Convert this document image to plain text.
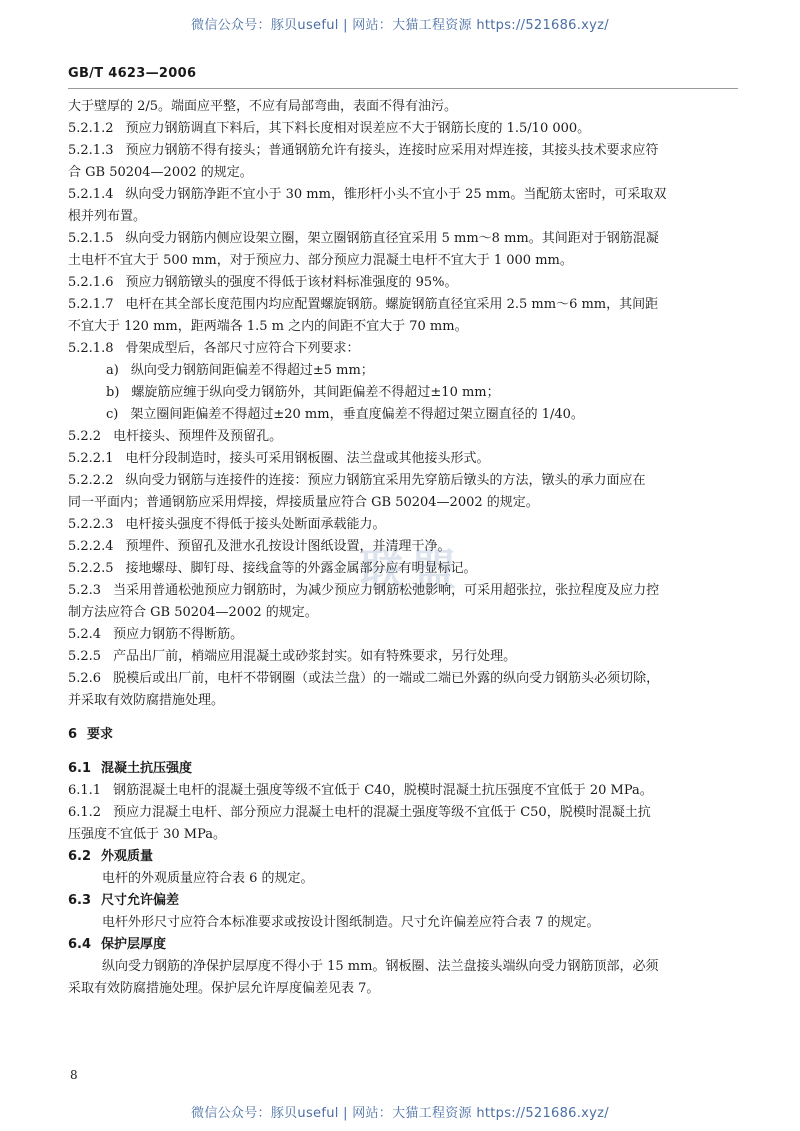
微信公众号：豚贝useful | 网站：大猫工程资源 https://521686.xyz/
GB/T 4623—2006
联盟
大于壁厚的 2/5。端面应平整，不应有局部弯曲，表面不得有油污。
5.2.1.2 预应力钢筋调直下料后，其下料长度相对误差应不大于钢筋长度的 1.5/10 000。
5.2.1.3 预应力钢筋不得有接头；普通钢筋允许有接头，连接时应采用对焊连接，其接头技术要求应符
合 GB 50204—2002 的规定。
5.2.1.4 纵向受力钢筋净距不宜小于 30 mm，锥形杆小头不宜小于 25 mm。当配筋太密时，可采取双
根并列布置。
5.2.1.5 纵向受力钢筋内侧应设架立圈，架立圈钢筋直径宜采用 5 mm～8 mm。其间距对于钢筋混凝
土电杆不宜大于 500 mm，对于预应力、部分预应力混凝土电杆不宜大于 1 000 mm。
5.2.1.6 预应力钢筋镦头的强度不得低于该材料标准强度的 95%。
5.2.1.7 电杆在其全部长度范围内均应配置螺旋钢筋。螺旋钢筋直径宜采用 2.5 mm～6 mm，其间距
不宜大于 120 mm，距两端各 1.5 m 之内的间距不宜大于 70 mm。
5.2.1.8 骨架成型后，各部尺寸应符合下列要求：
a) 纵向受力钢筋间距偏差不得超过±5 mm；
b) 螺旋筋应缠于纵向受力钢筋外，其间距偏差不得超过±10 mm；
c) 架立圈间距偏差不得超过±20 mm，垂直度偏差不得超过架立圈直径的 1/40。
5.2.2 电杆接头、预埋件及预留孔。
5.2.2.1 电杆分段制造时，接头可采用钢板圈、法兰盘或其他接头形式。
5.2.2.2 纵向受力钢筋与连接件的连接：预应力钢筋宜采用先穿筋后镦头的方法，镦头的承力面应在
同一平面内；普通钢筋应采用焊接，焊接质量应符合 GB 50204—2002 的规定。
5.2.2.3 电杆接头强度不得低于接头处断面承载能力。
5.2.2.4 预埋件、预留孔及泄水孔按设计图纸设置，并清理干净。
5.2.2.5 接地螺母、脚钉母、接线盒等的外露金属部分应有明显标记。
5.2.3 当采用普通松弛预应力钢筋时，为减少预应力钢筋松弛影响，可采用超张拉，张拉程度及应力控
制方法应符合 GB 50204—2002 的规定。
5.2.4 预应力钢筋不得断筋。
5.2.5 产品出厂前，梢端应用混凝土或砂浆封实。如有特殊要求，另行处理。
5.2.6 脱模后或出厂前，电杆不带钢圈（或法兰盘）的一端或二端已外露的纵向受力钢筋头必须切除，
并采取有效防腐措施处理。
6 要求
6.1 混凝土抗压强度
6.1.1 钢筋混凝土电杆的混凝土强度等级不宜低于 C40，脱模时混凝土抗压强度不宜低于 20 MPa。
6.1.2 预应力混凝土电杆、部分预应力混凝土电杆的混凝土强度等级不宜低于 C50，脱模时混凝土抗
压强度不宜低于 30 MPa。
6.2 外观质量
电杆的外观质量应符合表 6 的规定。
6.3 尺寸允许偏差
电杆外形尺寸应符合本标准要求或按设计图纸制造。尺寸允许偏差应符合表 7 的规定。
6.4 保护层厚度
纵向受力钢筋的净保护层厚度不得小于 15 mm。钢板圈、法兰盘接头端纵向受力钢筋顶部，必须
采取有效防腐措施处理。保护层允许厚度偏差见表 7。
8
微信公众号：豚贝useful | 网站：大猫工程资源 https://521686.xyz/
